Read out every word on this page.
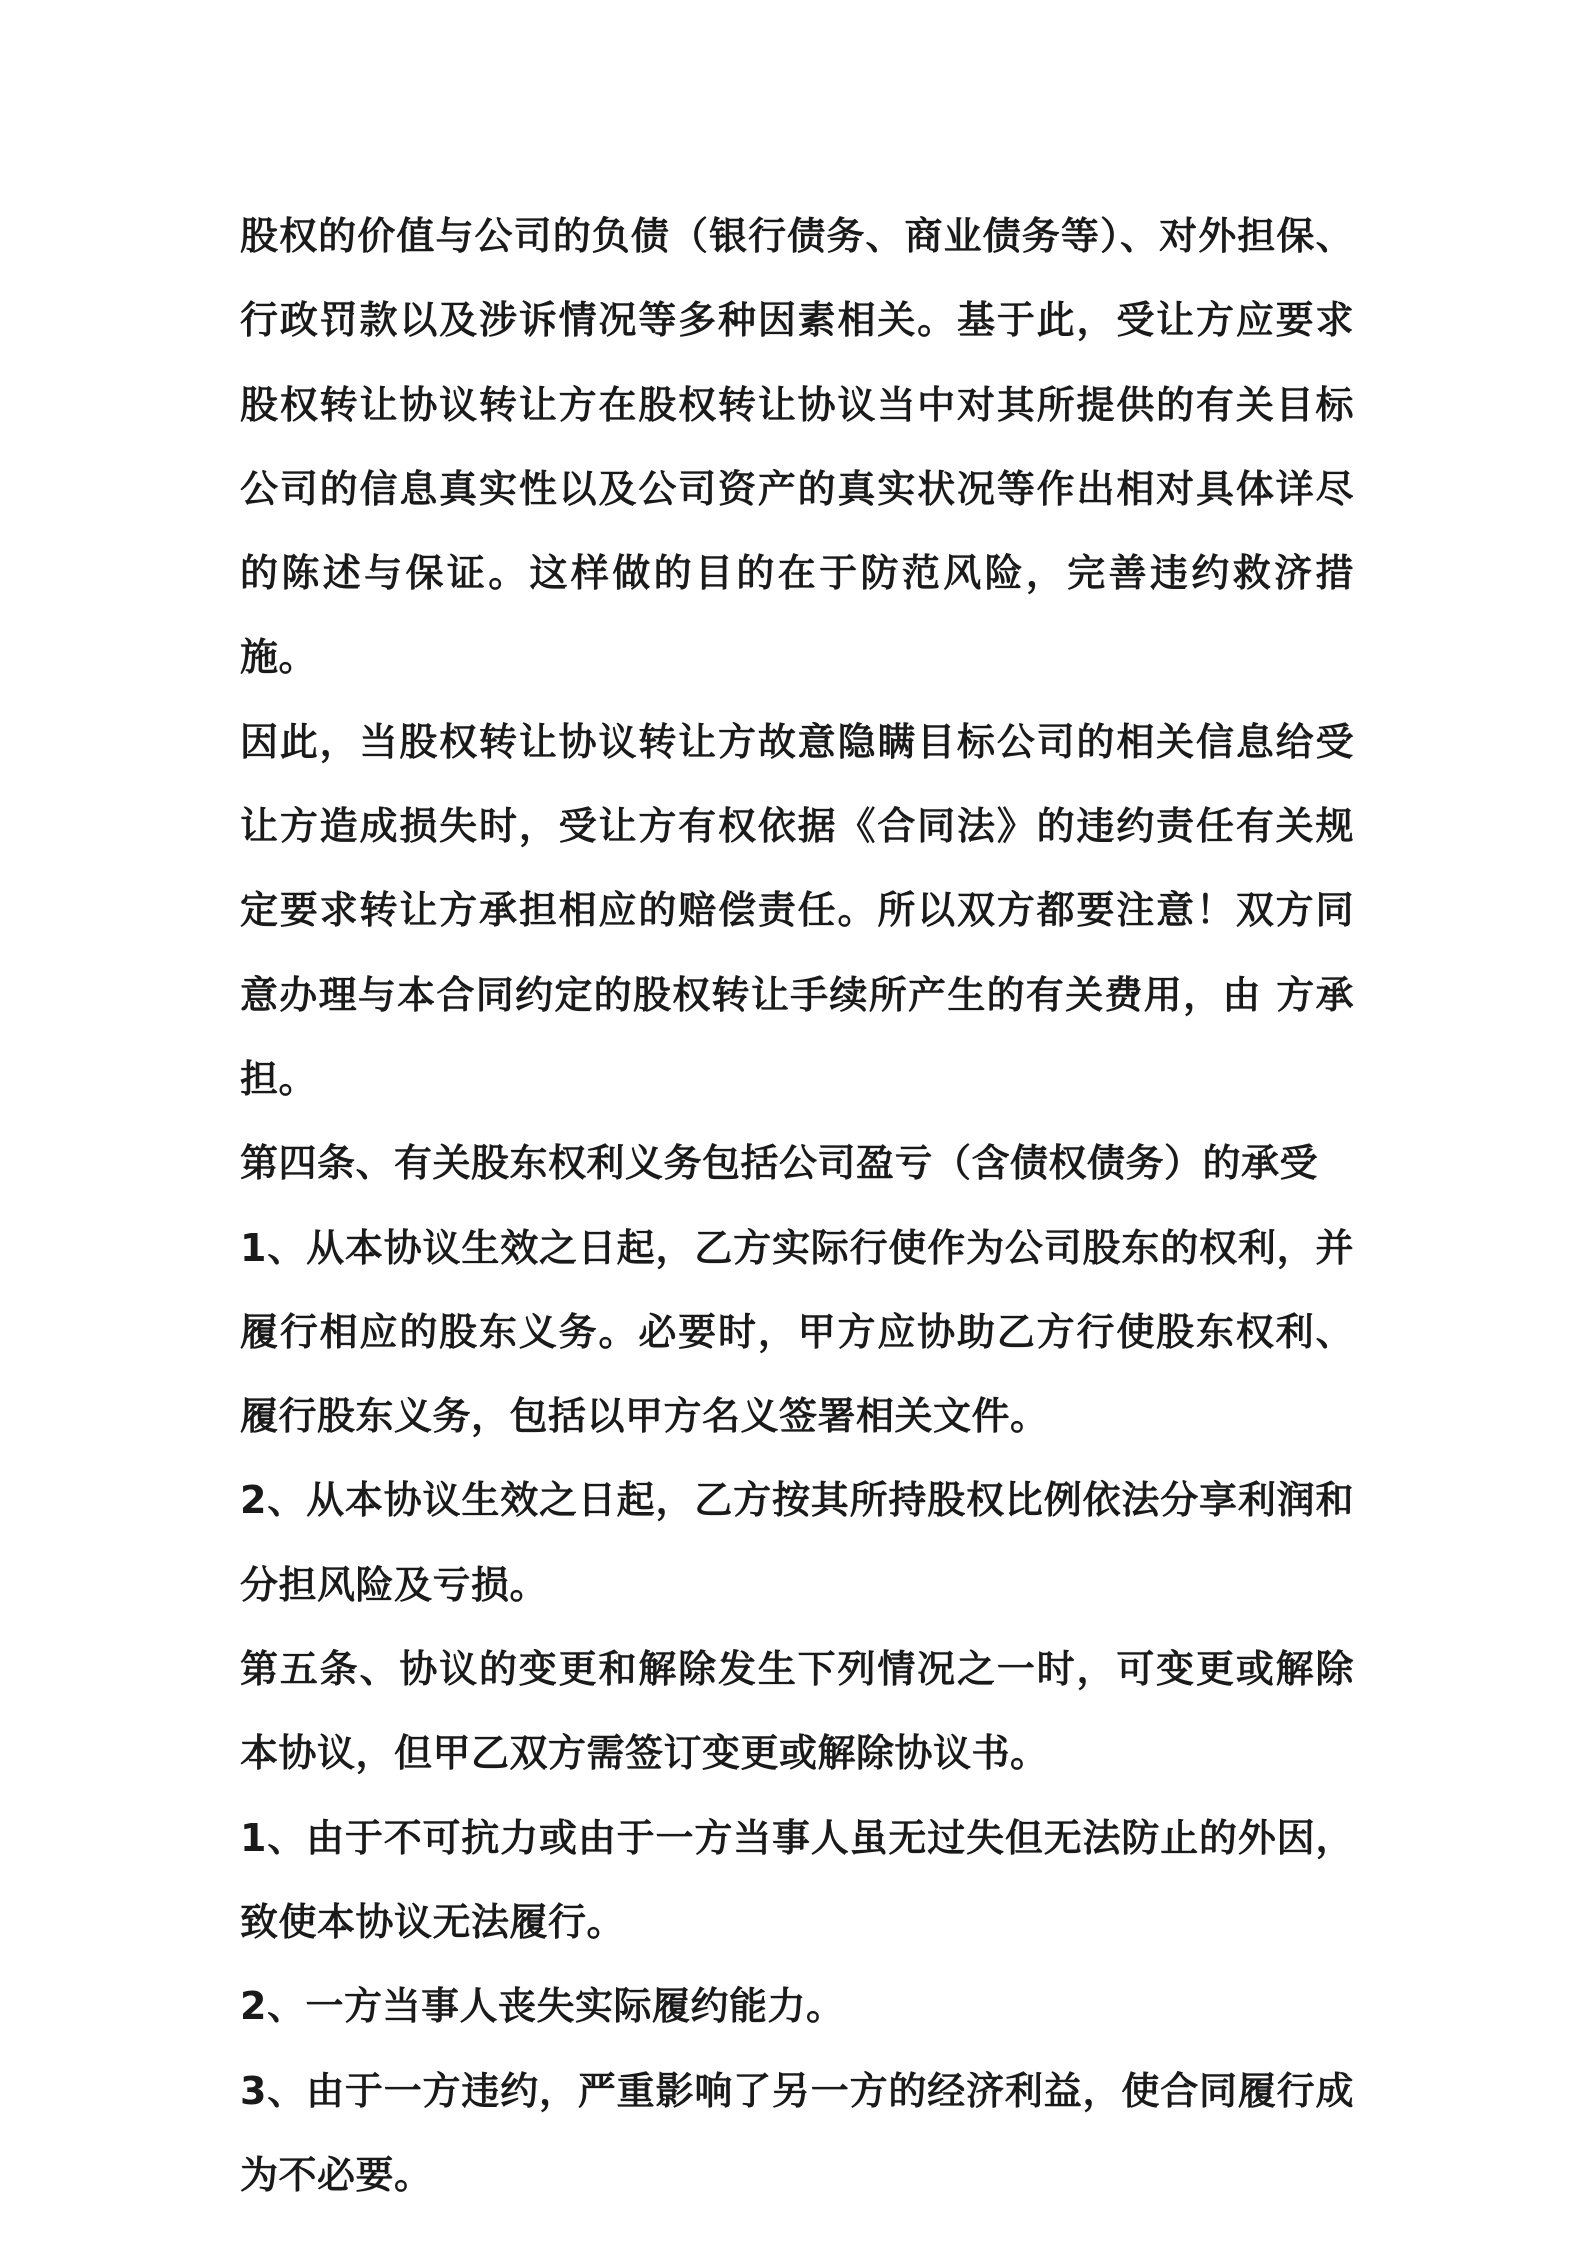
股权的价值与公司的负债（银行债务、商业债务等）、对外担保、行政罚款以及涉诉情况等多种因素相关。基于此，受让方应要求股权转让协议转让方在股权转让协议当中对其所提供的有关目标公司的信息真实性以及公司资产的真实状况等作出相对具体详尽的陈述与保证。这样做的目的在于防范风险，完善违约救济措施。

因此，当股权转让协议转让方故意隐瞒目标公司的相关信息给受让方造成损失时，受让方有权依据《合同法》的违约责任有关规定要求转让方承担相应的赔偿责任。所以双方都要注意！双方同意办理与本合同约定的股权转让手续所产生的有关费用，由 方承担。

第四条、有关股东权利义务包括公司盈亏（含债权债务）的承受

1、从本协议生效之日起，乙方实际行使作为公司股东的权利，并履行相应的股东义务。必要时，甲方应协助乙方行使股东权利、履行股东义务，包括以甲方名义签署相关文件。

2、从本协议生效之日起，乙方按其所持股权比例依法分享利润和分担风险及亏损。

第五条、协议的变更和解除发生下列情况之一时，可变更或解除本协议，但甲乙双方需签订变更或解除协议书。

1、由于不可抗力或由于一方当事人虽无过失但无法防止的外因，致使本协议无法履行。

2、一方当事人丧失实际履约能力。

3、由于一方违约，严重影响了另一方的经济利益，使合同履行成为不必要。
